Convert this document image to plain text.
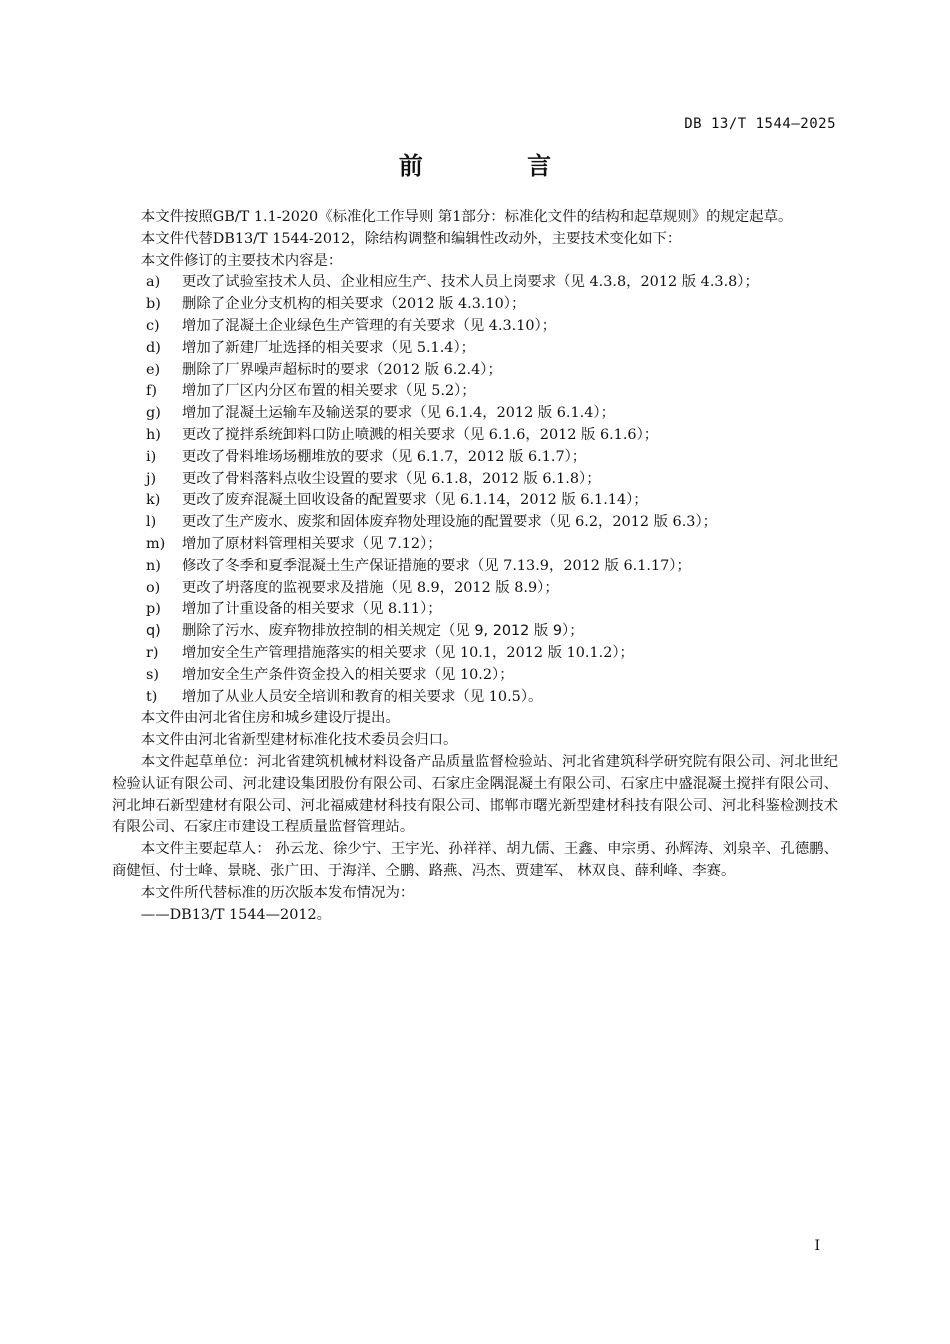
DB 13/T 1544—2025
前 言

本文件按照GB/T 1.1-2020《标准化工作导则 第1部分：标准化文件的结构和起草规则》的规定起草。

本文件代替DB13/T 1544-2012，除结构调整和编辑性改动外，主要技术变化如下：

本文件修订的主要技术内容是：

a) 更改了试验室技术人员、企业相应生产、技术人员上岗要求（见 4.3.8，2012 版 4.3.8）；

b) 删除了企业分支机构的相关要求（2012 版 4.3.10）；

c) 增加了混凝土企业绿色生产管理的有关要求（见 4.3.10）；

d) 增加了新建厂址选择的相关要求（见 5.1.4）；

e) 删除了厂界噪声超标时的要求（2012 版 6.2.4）；

f) 增加了厂区内分区布置的相关要求（见 5.2）；

g) 增加了混凝土运输车及输送泵的要求（见 6.1.4，2012 版 6.1.4）；

h) 更改了搅拌系统卸料口防止喷溅的相关要求（见 6.1.6，2012 版 6.1.6）；

i) 更改了骨料堆场场棚堆放的要求（见 6.1.7，2012 版 6.1.7）；

j) 更改了骨料落料点收尘设置的要求（见 6.1.8，2012 版 6.1.8）；

k) 更改了废弃混凝土回收设备的配置要求（见 6.1.14，2012 版 6.1.14）；

l) 更改了生产废水、废浆和固体废弃物处理设施的配置要求（见 6.2，2012 版 6.3）；

m) 增加了原材料管理相关要求（见 7.12）；

n) 修改了冬季和夏季混凝土生产保证措施的要求（见 7.13.9，2012 版 6.1.17）；

o) 更改了坍落度的监视要求及措施（见 8.9，2012 版 8.9）；

p) 增加了计重设备的相关要求（见 8.11）；

q) 删除了污水、废弃物排放控制的相关规定（见 9, 2012 版 9）；

r) 增加安全生产管理措施落实的相关要求（见 10.1，2012 版 10.1.2）；

s) 增加安全生产条件资金投入的相关要求（见 10.2）；

t) 增加了从业人员安全培训和教育的相关要求（见 10.5）。

本文件由河北省住房和城乡建设厅提出。

本文件由河北省新型建材标准化技术委员会归口。

本文件起草单位：河北省建筑机械材料设备产品质量监督检验站、河北省建筑科学研究院有限公司、河北世纪检验认证有限公司、河北建设集团股份有限公司、石家庄金隅混凝土有限公司、石家庄中盛混凝土搅拌有限公司、河北坤石新型建材有限公司、河北福威建材科技有限公司、邯郸市曙光新型建材科技有限公司、河北科鉴检测技术有限公司、石家庄市建设工程质量监督管理站。

本文件主要起草人： 孙云龙、徐少宁、王宇光、孙祥祥、胡九儒、王鑫、申宗勇、孙辉涛、刘泉辛、孔德鹏、商健恒、付士峰、景晓、张广田、于海洋、仝鹏、路燕、冯杰、贾建军、 林双良、薛利峰、李赛。

本文件所代替标准的历次版本发布情况为：

——DB13/T 1544—2012。

I
